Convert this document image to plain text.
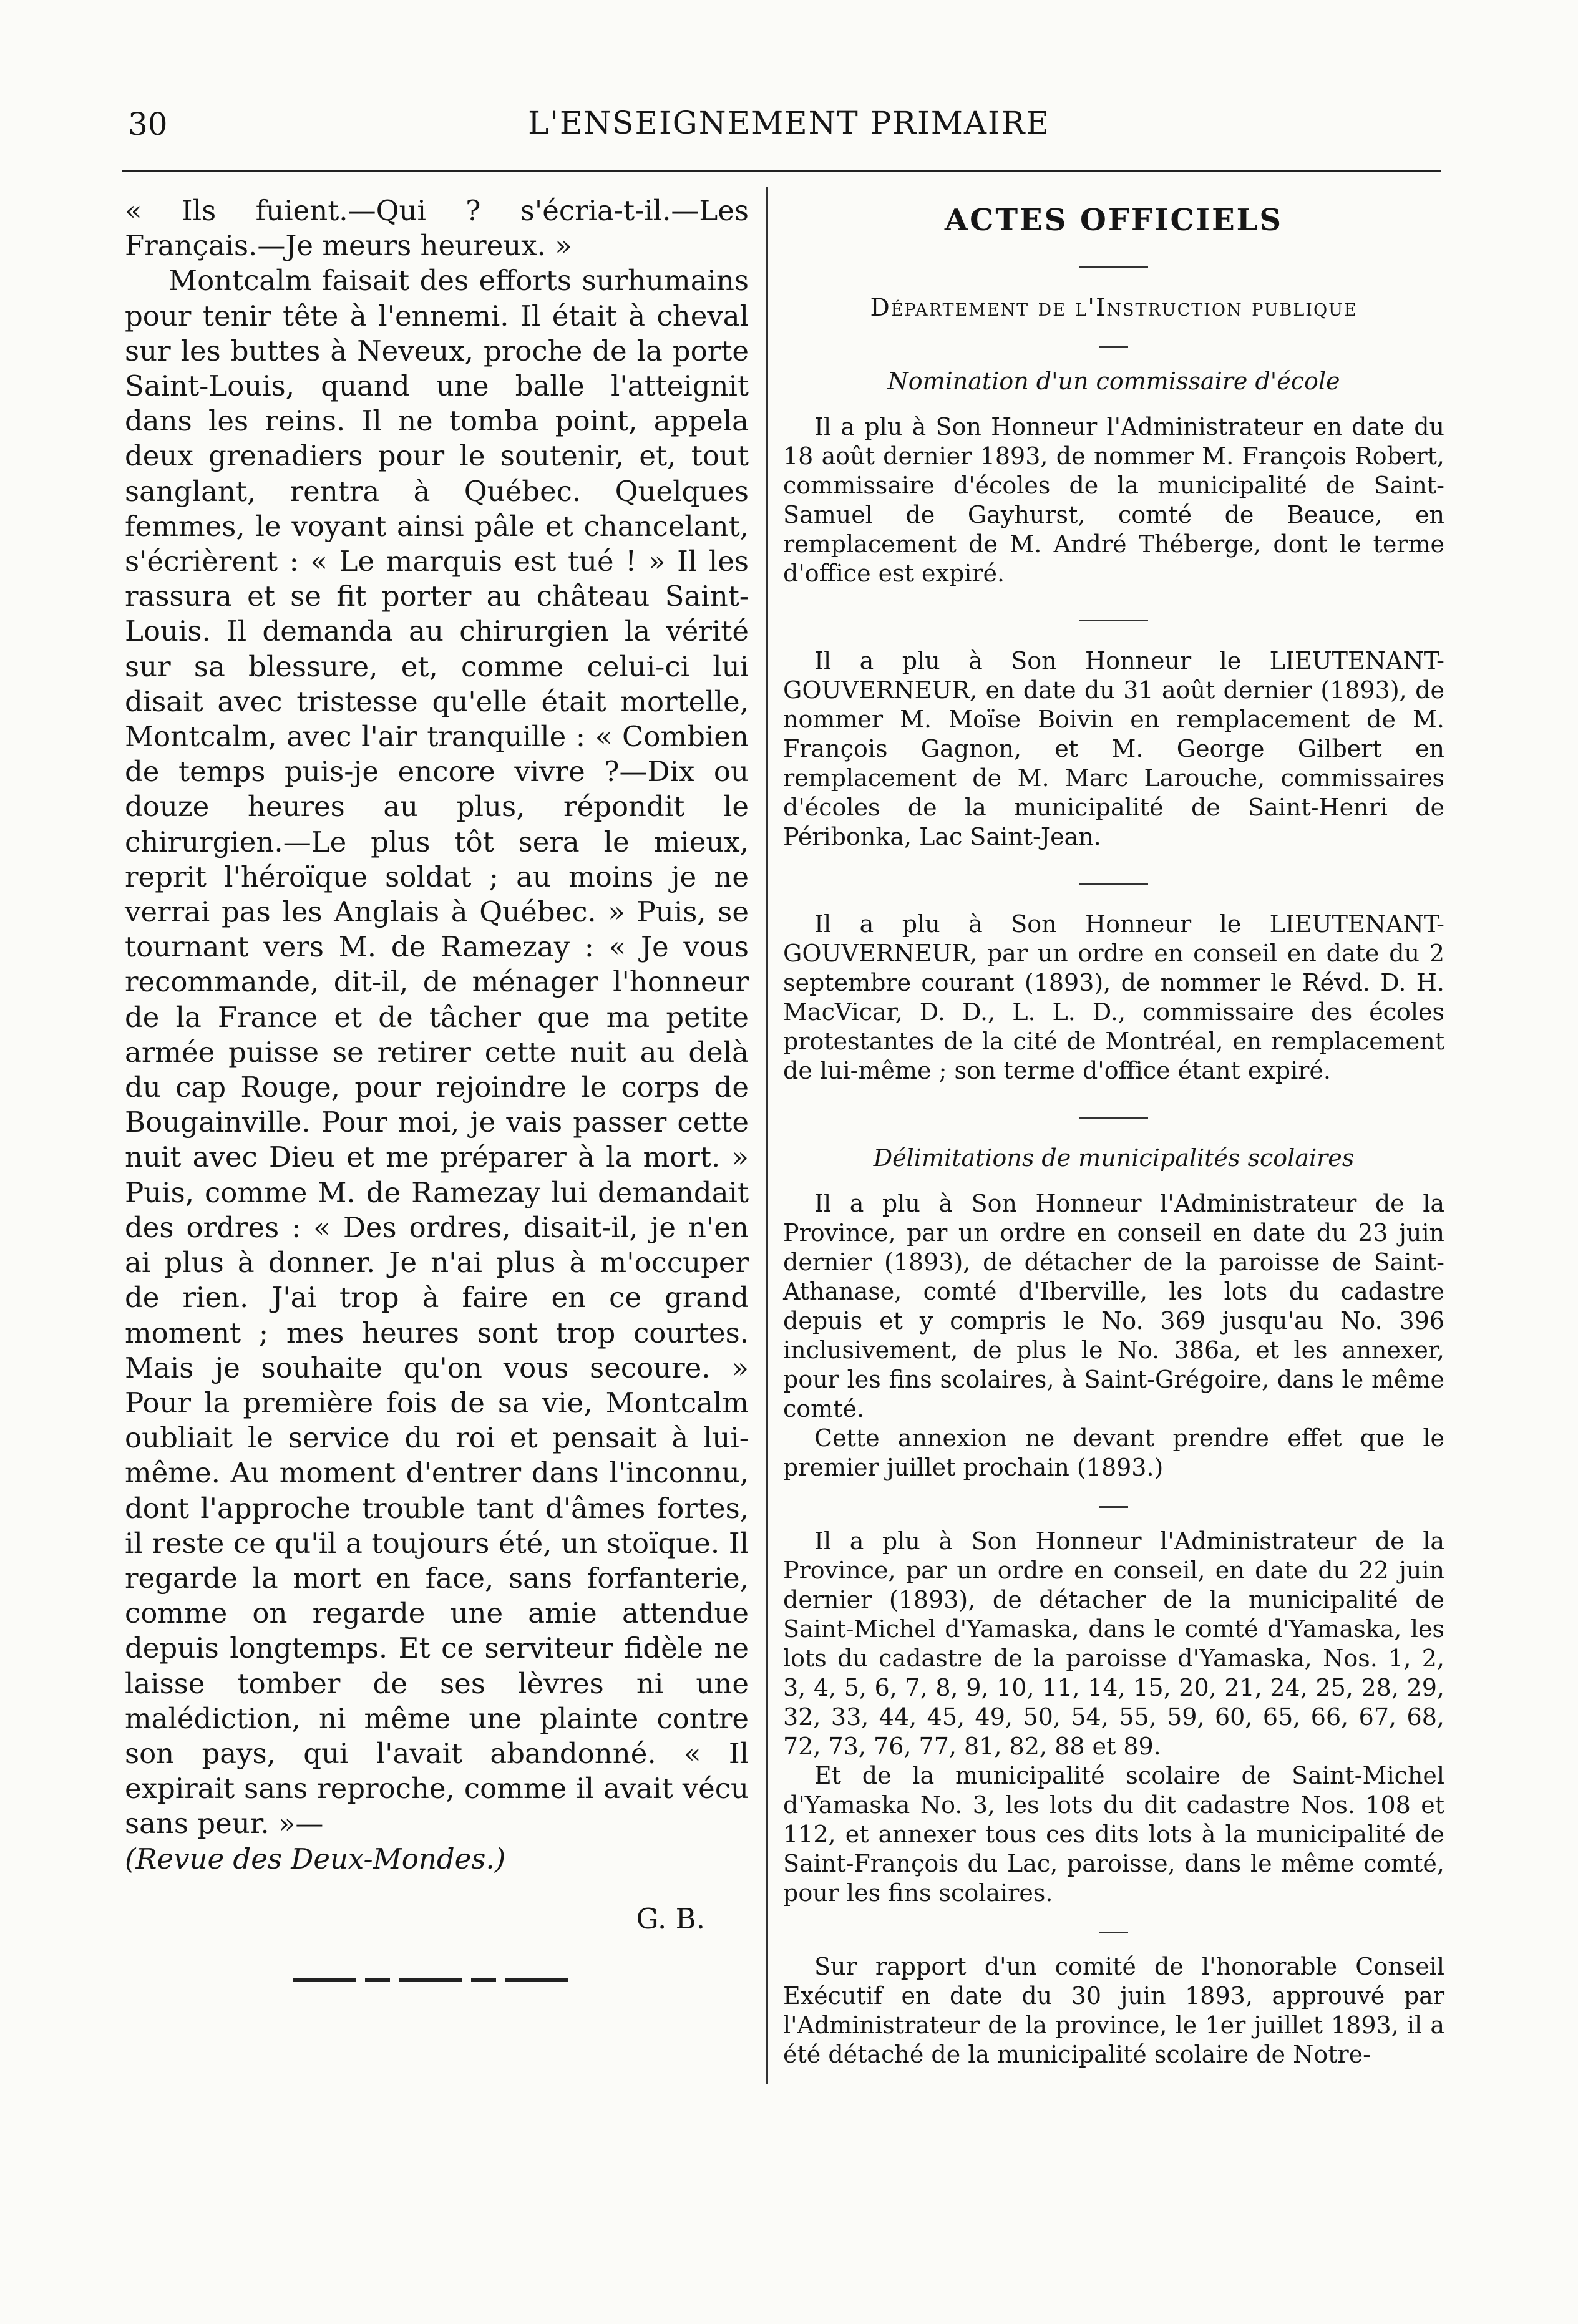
30	L'ENSEIGNEMENT PRIMAIRE

« Ils fuient.—Qui ? s'écria-t-il.—Les Français.—Je meurs heureux. »

Montcalm faisait des efforts surhumains pour tenir tête à l'ennemi. Il était à cheval sur les buttes à Neveux, proche de la porte Saint-Louis, quand une balle l'atteignit dans les reins. Il ne tomba point, appela deux grenadiers pour le soutenir, et, tout sanglant, rentra à Québec. Quelques femmes, le voyant ainsi pâle et chancelant, s'écrièrent : « Le marquis est tué ! » Il les rassura et se fit porter au château Saint-Louis. Il demanda au chirurgien la vérité sur sa blessure, et, comme celui-ci lui disait avec tristesse qu'elle était mortelle, Montcalm, avec l'air tranquille : « Combien de temps puis-je encore vivre ?—Dix ou douze heures au plus, répondit le chirurgien.—Le plus tôt sera le mieux, reprit l'héroïque soldat ; au moins je ne verrai pas les Anglais à Québec. » Puis, se tournant vers M. de Ramezay : « Je vous recommande, dit-il, de ménager l'honneur de la France et de tâcher que ma petite armée puisse se retirer cette nuit au delà du cap Rouge, pour rejoindre le corps de Bougainville. Pour moi, je vais passer cette nuit avec Dieu et me préparer à la mort. » Puis, comme M. de Ramezay lui demandait des ordres : « Des ordres, disait-il, je n'en ai plus à donner. Je n'ai plus à m'occuper de rien. J'ai trop à faire en ce grand moment ; mes heures sont trop courtes. Mais je souhaite qu'on vous secoure. » Pour la première fois de sa vie, Montcalm oubliait le service du roi et pensait à lui-même. Au moment d'entrer dans l'inconnu, dont l'approche trouble tant d'âmes fortes, il reste ce qu'il a toujours été, un stoïque. Il regarde la mort en face, sans forfanterie, comme on regarde une amie attendue depuis longtemps. Et ce serviteur fidèle ne laisse tomber de ses lèvres ni une malédiction, ni même une plainte contre son pays, qui l'avait abandonné. « Il expirait sans reproche, comme il avait vécu sans peur. »—

(Revue des Deux-Mondes.)

G. B.
ACTES OFFICIELS
Département de l'Instruction publique
Nomination d'un commissaire d'école

Il a plu à Son Honneur l'Administrateur en date du 18 août dernier 1893, de nommer M. François Robert, commissaire d'écoles de la municipalité de Saint-Samuel de Gayhurst, comté de Beauce, en remplacement de M. André Théberge, dont le terme d'office est expiré.

Il a plu à Son Honneur le LIEUTENANT-GOUVERNEUR, en date du 31 août dernier (1893), de nommer M. Moïse Boivin en remplacement de M. François Gagnon, et M. George Gilbert en remplacement de M. Marc Larouche, commissaires d'écoles de la municipalité de Saint-Henri de Péribonka, Lac Saint-Jean.

Il a plu à Son Honneur le LIEUTENANT-GOUVERNEUR, par un ordre en conseil en date du 2 septembre courant (1893), de nommer le Révd. D. H. MacVicar, D. D., L. L. D., commissaire des écoles protestantes de la cité de Montréal, en remplacement de lui-même ; son terme d'office étant expiré.

Délimitations de municipalités scolaires

Il a plu à Son Honneur l'Administrateur de la Province, par un ordre en conseil en date du 23 juin dernier (1893), de détacher de la paroisse de Saint-Athanase, comté d'Iberville, les lots du cadastre depuis et y compris le No. 369 jusqu'au No. 396 inclusivement, de plus le No. 386a, et les annexer, pour les fins scolaires, à Saint-Grégoire, dans le même comté.

Cette annexion ne devant prendre effet que le premier juillet prochain (1893.)

Il a plu à Son Honneur l'Administrateur de la Province, par un ordre en conseil, en date du 22 juin dernier (1893), de détacher de la municipalité de Saint-Michel d'Yamaska, dans le comté d'Yamaska, les lots du cadastre de la paroisse d'Yamaska, Nos. 1, 2, 3, 4, 5, 6, 7, 8, 9, 10, 11, 14, 15, 20, 21, 24, 25, 28, 29, 32, 33, 44, 45, 49, 50, 54, 55, 59, 60, 65, 66, 67, 68, 72, 73, 76, 77, 81, 82, 88 et 89.

Et de la municipalité scolaire de Saint-Michel d'Yamaska No. 3, les lots du dit cadastre Nos. 108 et 112, et annexer tous ces dits lots à la municipalité de Saint-François du Lac, paroisse, dans le même comté, pour les fins scolaires.

Sur rapport d'un comité de l'honorable Conseil Exécutif en date du 30 juin 1893, approuvé par l'Administrateur de la province, le 1er juillet 1893, il a été détaché de la municipalité scolaire de Notre-
